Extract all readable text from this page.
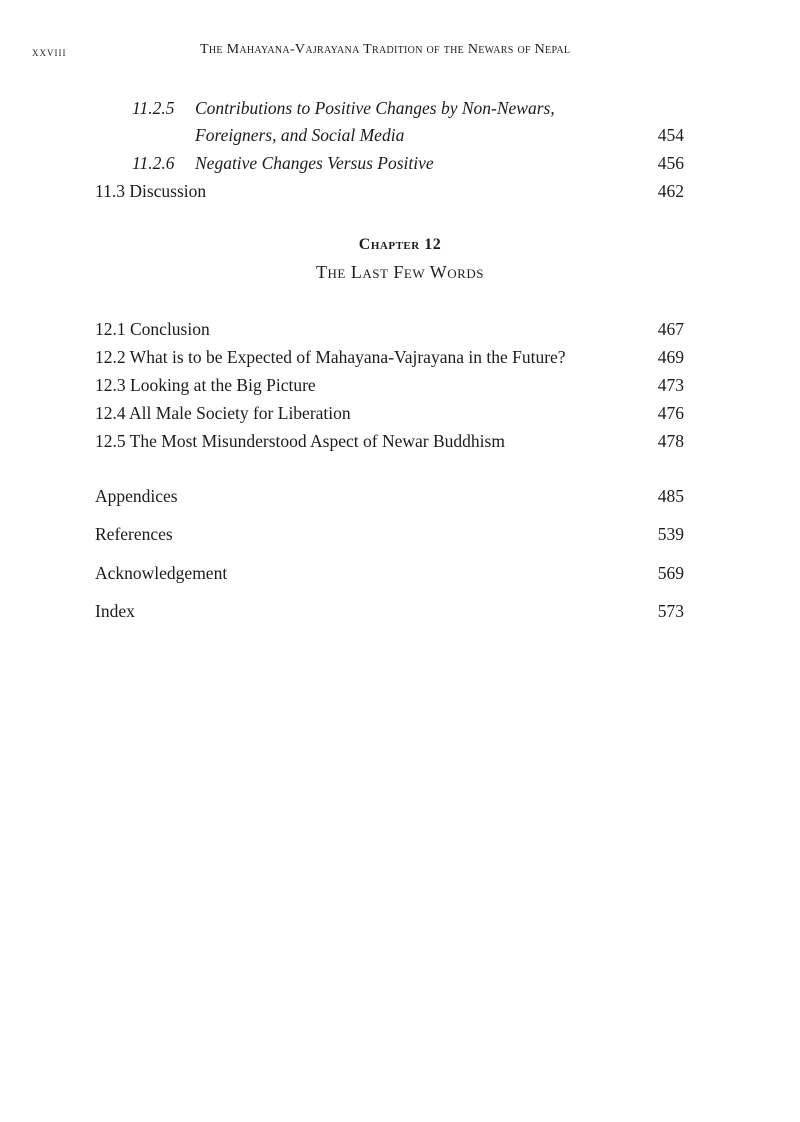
xxviii	The Mahayana-Vajrayana Tradition of the Newars of Nepal
11.2.5 Contributions to Positive Changes by Non-Newars,
Foreigners, and Social Media	454
11.2.6 Negative Changes Versus Positive	456
11.3 Discussion	462
12.1 Conclusion	467
12.2 What is to be Expected of Mahayana-Vajrayana in the Future?	469
12.3 Looking at the Big Picture	473
12.4 All Male Society for Liberation	476
12.5 The Most Misunderstood Aspect of Newar Buddhism	478
Appendices	485
References	539
Acknowledgement	569
Index	573
Chapter 12
The Last Few Words
